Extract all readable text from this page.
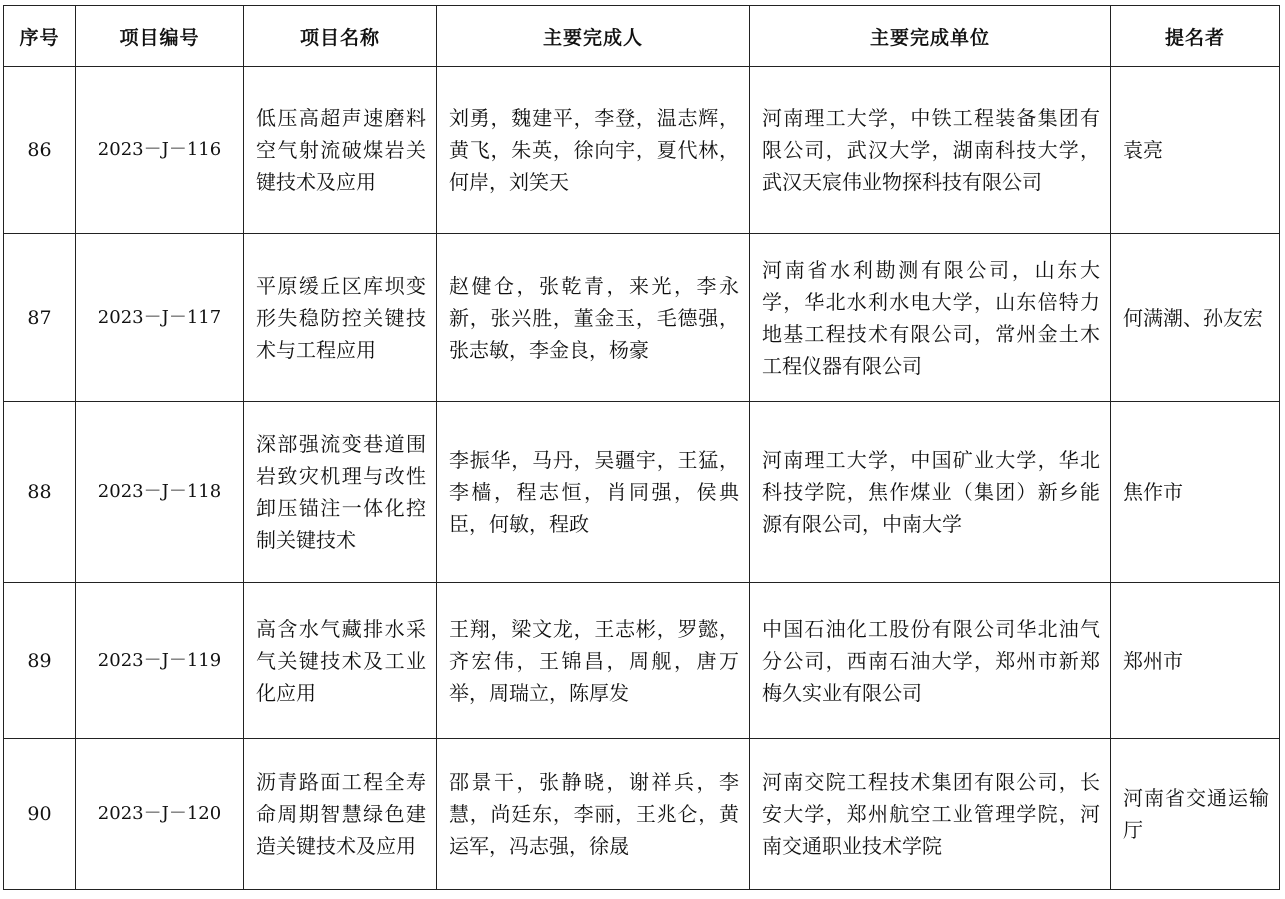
序号	项目编号	项目名称	主要完成人	主要完成单位	提名者
86	2023－J－116	低压高超声速磨料空气射流破煤岩关键技术及应用	刘勇，魏建平，李登，温志辉，黄飞，朱英，徐向宇，夏代林，何岸，刘笑天	河南理工大学，中铁工程装备集团有限公司，武汉大学，湖南科技大学，武汉天宸伟业物探科技有限公司	袁亮
87	2023－J－117	平原缓丘区库坝变形失稳防控关键技术与工程应用	赵健仓，张乾青，来光，李永新，张兴胜，董金玉，毛德强，张志敏，李金良，杨豪	河南省水利勘测有限公司，山东大学，华北水利水电大学，山东倍特力地基工程技术有限公司，常州金土木工程仪器有限公司	何满潮、孙友宏
88	2023－J－118	深部强流变巷道围岩致灾机理与改性卸压锚注一体化控制关键技术	李振华，马丹，吴疆宇，王猛，李樯，程志恒，肖同强，侯典臣，何敏，程政	河南理工大学，中国矿业大学，华北科技学院，焦作煤业（集团）新乡能源有限公司，中南大学	焦作市
89	2023－J－119	高含水气藏排水采气关键技术及工业化应用	王翔，梁文龙，王志彬，罗懿，齐宏伟，王锦昌，周舰，唐万举，周瑞立，陈厚发	中国石油化工股份有限公司华北油气分公司，西南石油大学，郑州市新郑梅久实业有限公司	郑州市
90	2023－J－120	沥青路面工程全寿命周期智慧绿色建造关键技术及应用	邵景干，张静晓，谢祥兵，李慧，尚廷东，李丽，王兆仑，黄运军，冯志强，徐晟	河南交院工程技术集团有限公司，长安大学，郑州航空工业管理学院，河南交通职业技术学院	河南省交通运输厅
